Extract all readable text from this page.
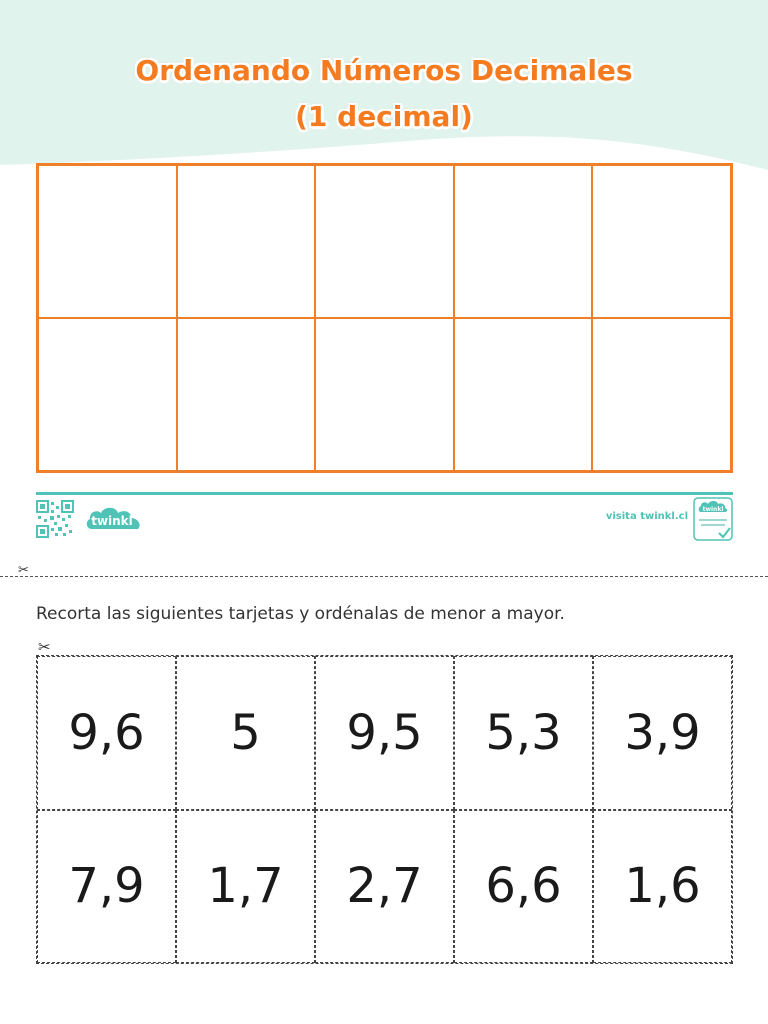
Ordenando Números Decimales
(1 decimal)
twinkl	visita twinkl.cl
twinkl
✂
Recorta las siguientes tarjetas y ordénalas de menor a mayor.
✂
9,6	5	9,5	5,3	3,9
7,9	1,7	2,7	6,6	1,6
